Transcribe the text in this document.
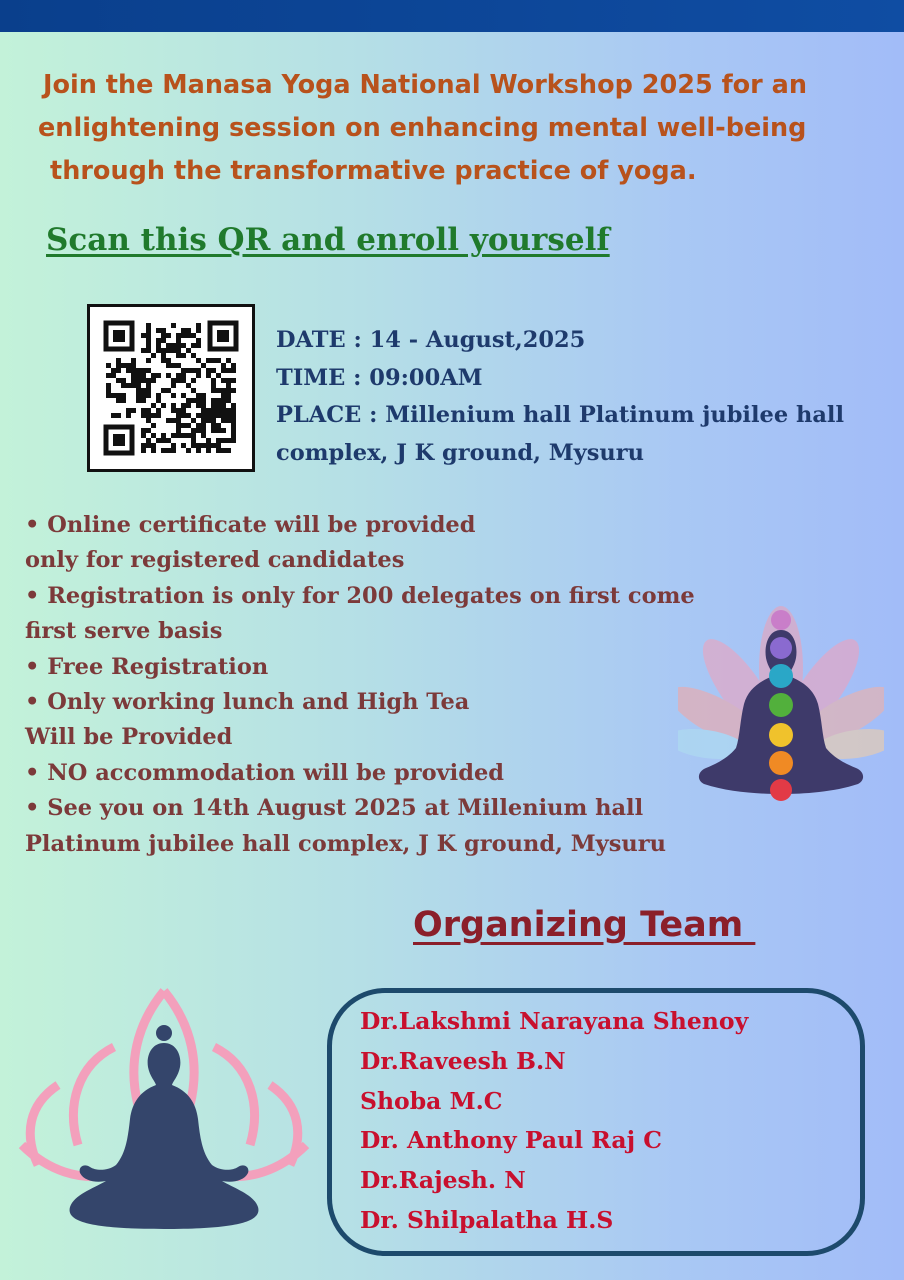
Join the Manasa Yoga National Workshop 2025 for an
enlightening session on enhancing mental well-being
through the transformative practice of yoga.
Scan this QR and enroll yourself
DATE : 14 - August,2025
TIME : 09:00AM
PLACE : Millenium hall Platinum jubilee hall
complex, J K ground, Mysuru
• Online certificate will be provided
only for registered candidates
• Registration is only for 200 delegates on first come
first serve basis
• Free Registration
• Only working lunch and High Tea
Will be Provided
• NO accommodation will be provided
• See you on 14th August 2025 at Millenium hall
Platinum jubilee hall complex, J K ground, Mysuru
Organizing Team
Dr.Lakshmi Narayana Shenoy
Dr.Raveesh B.N
Shoba M.C
Dr. Anthony Paul Raj C
Dr.Rajesh. N
Dr. Shilpalatha H.S
